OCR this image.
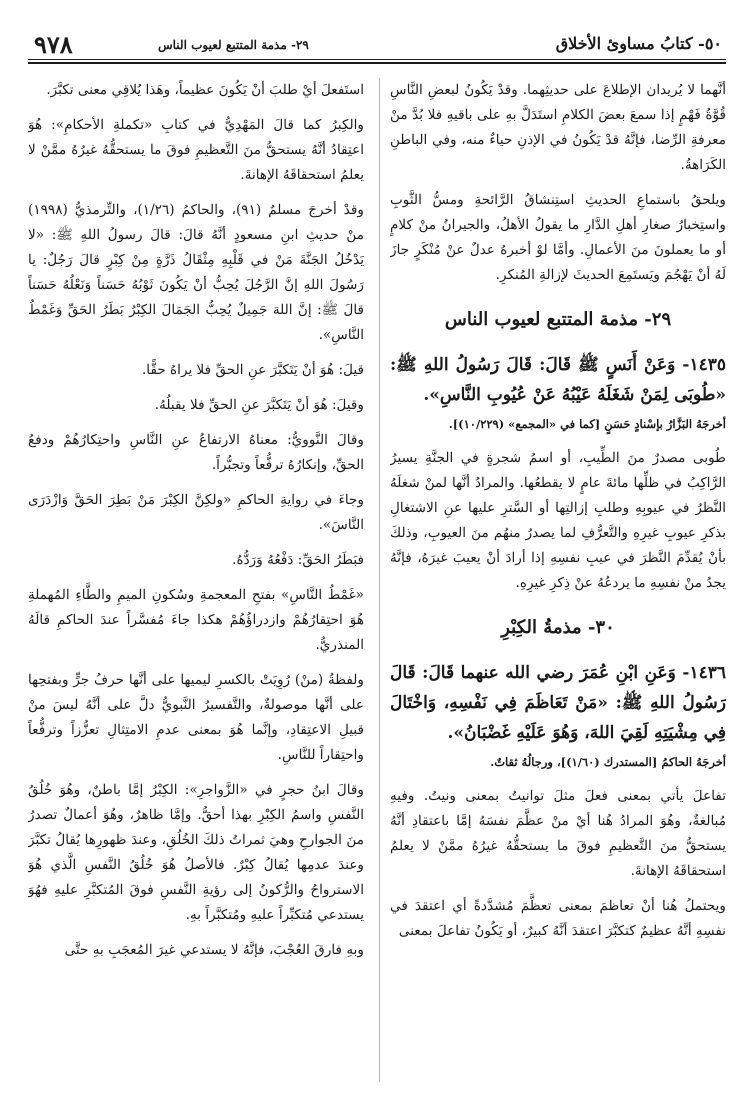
٥٠- كتابُ مساوئ الأخلاق
٢٩- مذمة المتتبع لعيوب الناس
٩٧٨

أنَّهما لا يُريدان الإطلاعَ على حديثِهما. وقدْ يَكُونُ لبعضِ النَّاسِ قُوَّةُ فَهْمٍ إذا سمعَ بعضَ الكلامِ استَدَلَّ بهِ على باقيهِ فلا بُدَّ منْ معرفةِ الرِّضا، فإنَّهُ قدْ يَكُونُ في الإذنِ حياءٌ منه، وفي الباطنِ الكَرَاهةُ.

ويلحقُ باستماعِ الحديثِ استِنشاقُ الرَّائحةِ ومسُّ الثَّوبِ واستِخبارُ صغارِ أهلِ الدَّارِ ما يقولُ الأهلُ، والجيرانُ منْ كلامٍ أو ما يعملونَ منَ الأعمالِ. وأمَّا لوْ أخبرهُ عدلٌ عنْ مُنْكَرٍ جازَ لَهُ أنْ يَهْجُمَ ويَستَمِعَ الحديثَ لإزالةِ المُنكرِ.

٢٩- مذمة المتتبع لعيوب الناس
١٤٣٥- وَعَنْ أَنَسٍ ﷺ قَالَ: قَالَ رَسُولُ اللهِ ﷺ: «طُوبَى لِمَنْ شَغَلَهُ عَيْبُهُ عَنْ عُيُوبِ النَّاسِ».
أخرجَهُ البَزَّارُ بإسْنادٍ حَسَنٍ [كما في «المجمع» (١٠/٢٢٩)].

طُوبى مصدرٌ منَ الطِّيبِ، أو اسمُ شجرةٍ في الجنَّةِ يسيرُ الرَّاكِبُ في ظلِّها مائةَ عامٍ لا يقطعُها. والمرادُ أنَّها لمنْ شغلَهُ النَّظرُ في عيوبِهِ وطلبِ إزالتِها أو السَّترِ عليها عنِ الاشتغالِ بذكرِ عيوبِ غيرِهِ والتَّعرُّفِ لما يصدرُ منهُم منَ العيوبِ، وذلكَ بأنْ يُقدِّمَ النَّظرَ في عيبِ نفسِهِ إذا أرادَ أنْ يعيبَ غيرَهُ، فإنَّهُ يجدُ منْ نفسِهِ ما يردعُهُ عنْ ذِكرِ غيرِهِ.

٣٠- مذمةُ الكِبْرِ
١٤٣٦- وَعَنِ ابْنِ عُمَرَ رضي الله عنهما قَالَ: قَالَ رَسُولُ اللهِ ﷺ: «مَنْ تَعَاظَمَ فِي نَفْسِهِ، وَاخْتَالَ فِي مِشْيَتِهِ لَقِيَ اللهَ، وَهُوَ عَلَيْهِ غَضْبَانُ».
أخرجَهُ الحاكمُ [المستدرك (١/٦٠)]، ورجالُهُ ثقاتٌ.

تفاعلَ يأتي بمعنى فعلَ مثلَ توانيتُ بمعنى ونيتُ. وفيهِ مُبالغةٌ، وهُوَ المرادُ هُنا أيْ منْ عظَّمَ نفسَهُ إمَّا باعتقادِ أنَّهُ يستحقُّ منَ التَّعظيمِ فوقَ ما يستحقُّهُ غيرُهُ ممَّنْ لا يعلمُ استحقاقَهُ الإهانةَ.

ويحتملُ هُنا أنْ تعاظمَ بمعنى تعظَّمَ مُشدَّدةً أي اعتقدَ في نفسِهِ أنَّهُ عظيمٌ كتكبَّرَ اعتقدَ أنَّهُ كبيرٌ، أو يَكُونُ تفاعلَ بمعنى

استَفعلَ أيْ طلبَ أنْ يَكُونَ عظيماً، وهَذا يُلاقِي معنى تكبَّرَ.

والكِبرُ كما قالَ المَهْدِيُّ في كتابِ «تكملةِ الأحكامِ»: هُوَ اعتِقادُ أنَّهُ يستحقُّ منَ التَّعظيمِ فوقَ ما يستحقُّهُ غيرُهُ ممَّنْ لا يعلمُ استحقاقَهُ الإهانةَ.

وقدْ أخرجَ مسلمٌ (٩١)، والحاكمُ (١/٢٦)، والتِّرمذيُّ (١٩٩٨) منْ حديثِ ابنِ مسعودٍ أنَّهُ قالَ: قالَ رسولُ اللهِ ﷺ: «لا يَدْخُلُ الجَنَّةَ مَنْ في قَلْبِهِ مِثْقَالُ ذَرَّةٍ مِنْ كِبْرٍ قالَ رَجُلٌ: يا رَسُولَ اللهِ إنَّ الرَّجُلَ يُحِبُّ أنْ يَكُونَ ثَوْبُهُ حَسَناً وَنَعْلُهُ حَسَناً قالَ ﷺ: إنَّ اللهَ جَمِيلٌ يُحِبُّ الجَمَالَ الكِبْرُ بَطَرُ الحَقِّ وَغَمْطُ النَّاسِ».

قيلَ: هُوَ أنْ يَتَكبَّرَ عنِ الحقِّ فلا يراهُ حقًّا.

وقيلَ: هُوَ أنْ يَتَكبَّرَ عنِ الحقِّ فلا يقبلُهُ.

وقالَ النَّوويُّ: معناهُ الارتفاعُ عنِ النَّاسِ واحتِكارُهُمْ ودفعُ الحقِّ، وإنكارُهُ ترفُّعاً وتجبُّراً.

وجاءَ في روايةِ الحاكمِ «ولكِنَّ الكِبْرَ مَنْ بَطِرَ الحَقَّ وَازْدَرَى النَّاسَ».

فبَطَرُ الحَقِّ: دَفْعُهُ وَرَدُّهُ.

«غَمْطُ النَّاسِ» بفتحِ المعجمةِ وسُكونِ الميمِ والطَّاءِ المُهملةِ هُوَ احتِقارُهُمْ وازدراؤُهُمْ هكذا جاءَ مُفسَّراً عندَ الحاكمِ قالَهُ المنذريُّ.

ولفظةُ (منْ) رُوِيَتْ بالكسرِ ليميها على أنَّها حرفُ جرٍّ وبفتحِها على أنَّها موصولةٌ، والتَّفسيرُ النَّبويُّ دلَّ على أنَّهُ ليسَ منْ قبيلِ الاعتِقادِ، وإنَّما هُوَ بمعنى عدمِ الامتِثالِ تعزُّزاً وترفُّعاً واحتِقاراً للنَّاسِ.

وقالَ ابنُ حجرٍ في «الزَّواجرِ»: الكِبْرُ إمَّا باطنٌ، وهُوَ خُلُقُ النَّفسِ واسمُ الكِبْرِ بهذا أحقُّ. وإمَّا ظاهرٌ، وهُوَ أعمالٌ تصدرُ منَ الجوارحِ وهيَ ثمراتُ ذلكَ الخُلُقِ، وعندَ ظهورِها يُقالُ تكبَّرَ وعندَ عدمِها يُقالُ كِبْرٌ. فالأصلُ هُوَ خُلُقُ النَّفسِ الَّذي هُوَ الاسترواحُ والرُّكونُ إلى رؤيةِ النَّفسِ فوقَ المُتكبَّرِ عليهِ فهُوَ يستدعي مُتكبِّراً عليهِ ومُتكبَّراً بهِ.

وبهِ فارقَ العُجْبَ، فإنَّهُ لا يستدعي غيرَ المُعجَبِ بهِ حتَّى
